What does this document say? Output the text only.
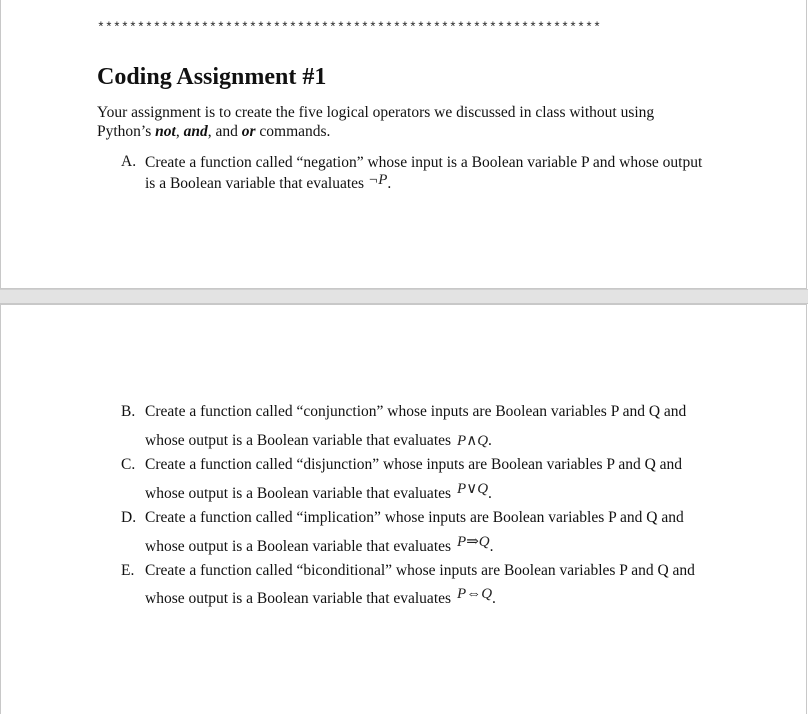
***************************************************************
Coding Assignment #1

Your assignment is to create the five logical operators we discussed in class without using
Python’s not, and, and or commands.

A. Create a function called “negation” whose input is a Boolean variable P and whose output
is a Boolean variable that evaluates ¬P.
B. Create a function called “conjunction” whose inputs are Boolean variables P and Q and
whose output is a Boolean variable that evaluates P∧Q.
C. Create a function called “disjunction” whose inputs are Boolean variables P and Q and
whose output is a Boolean variable that evaluates P∨Q.
D. Create a function called “implication” whose inputs are Boolean variables P and Q and
whose output is a Boolean variable that evaluates P⇒Q.
E. Create a function called “biconditional” whose inputs are Boolean variables P and Q and
whose output is a Boolean variable that evaluates P⇔Q.
